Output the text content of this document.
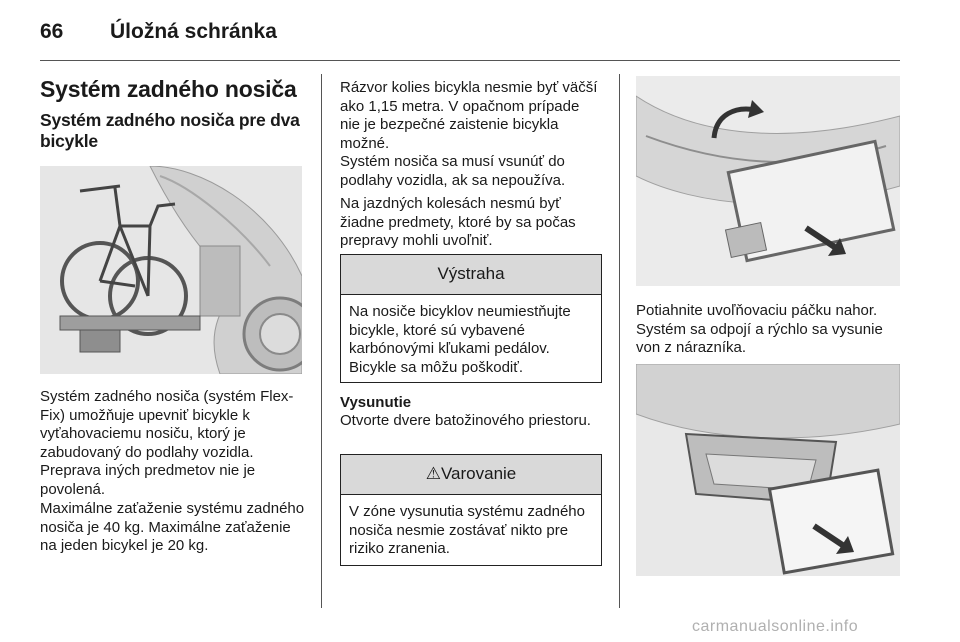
66 Úložná schránka
Systém zadného nosiča
Systém zadného nosiča pre dva bicykle

Systém zadného nosiča (systém Flex-Fix) umožňuje upevniť bicykle k vyťahovaciemu nosiču, ktorý je zabudovaný do podlahy vozidla. Preprava iných predmetov nie je povolená.

Maximálne zaťaženie systému zadného nosiča je 40 kg. Maximálne zaťaženie na jeden bicykel je 20 kg.

Rázvor kolies bicykla nesmie byť väčší ako 1,15 metra. V opačnom prípade nie je bezpečné zaistenie bicykla možné.

Systém nosiča sa musí vsunúť do podlahy vozidla, ak sa nepoužíva.

Na jazdných kolesách nesmú byť žiadne predmety, ktoré by sa počas prepravy mohli uvoľniť.

Výstraha
Na nosiče bicyklov neumiestňujte bicykle, ktoré sú vybavené karbónovými kľukami pedálov. Bicykle sa môžu poškodiť.

Vysunutie

Otvorte dvere batožinového priestoru.

⚠Varovanie
V zóne vysunutia systému zadného nosiča nesmie zostávať nikto pre riziko zranenia.

Potiahnite uvoľňovaciu páčku nahor. Systém sa odpojí a rýchlo sa vysunie von z nárazníka.

carmanualsonline.info
